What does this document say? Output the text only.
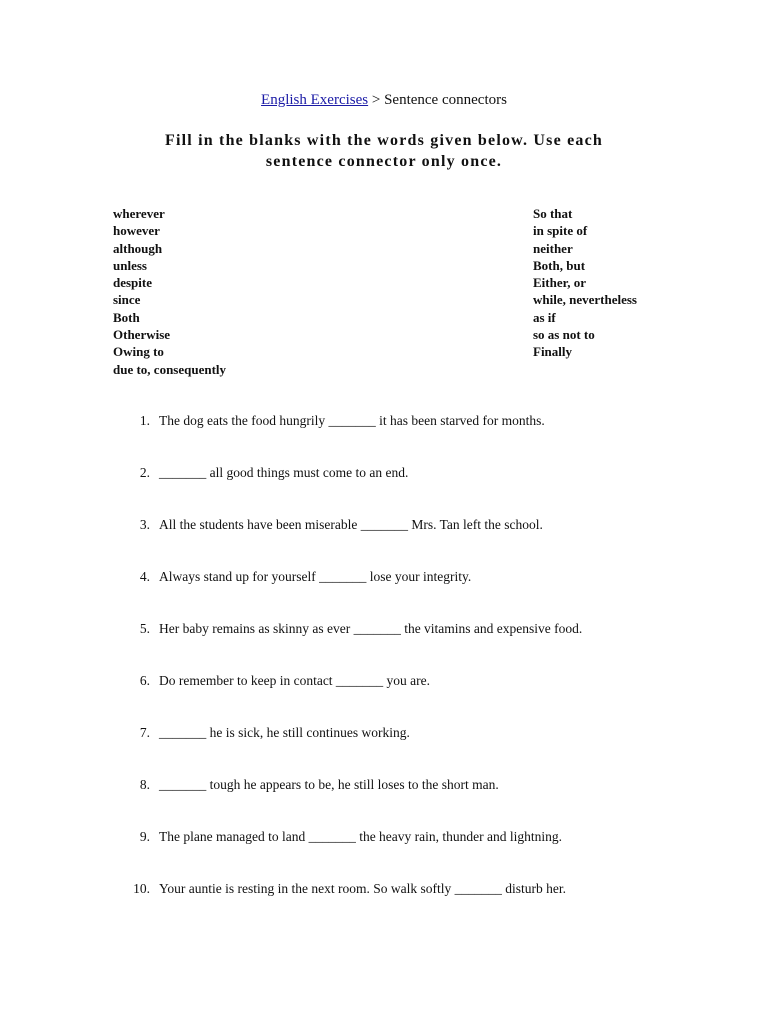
English Exercises > Sentence connectors
Fill in the blanks with the words given below. Use each
sentence connector only once.
wherever
however
although
unless
despite
since
Both
Otherwise
Owing to
due to, consequently
So that
in spite of
neither
Both, but
Either, or
while, nevertheless
as if
so as not to
Finally
1. The dog eats the food hungrily _______ it has been starved for months.
2. _______ all good things must come to an end.
3. All the students have been miserable _______ Mrs. Tan left the school.
4. Always stand up for yourself _______ lose your integrity.
5. Her baby remains as skinny as ever _______ the vitamins and expensive food.
6. Do remember to keep in contact _______ you are.
7. _______ he is sick, he still continues working.
8. _______ tough he appears to be, he still loses to the short man.
9. The plane managed to land _______ the heavy rain, thunder and lightning.
10. Your auntie is resting in the next room. So walk softly _______ disturb her.
